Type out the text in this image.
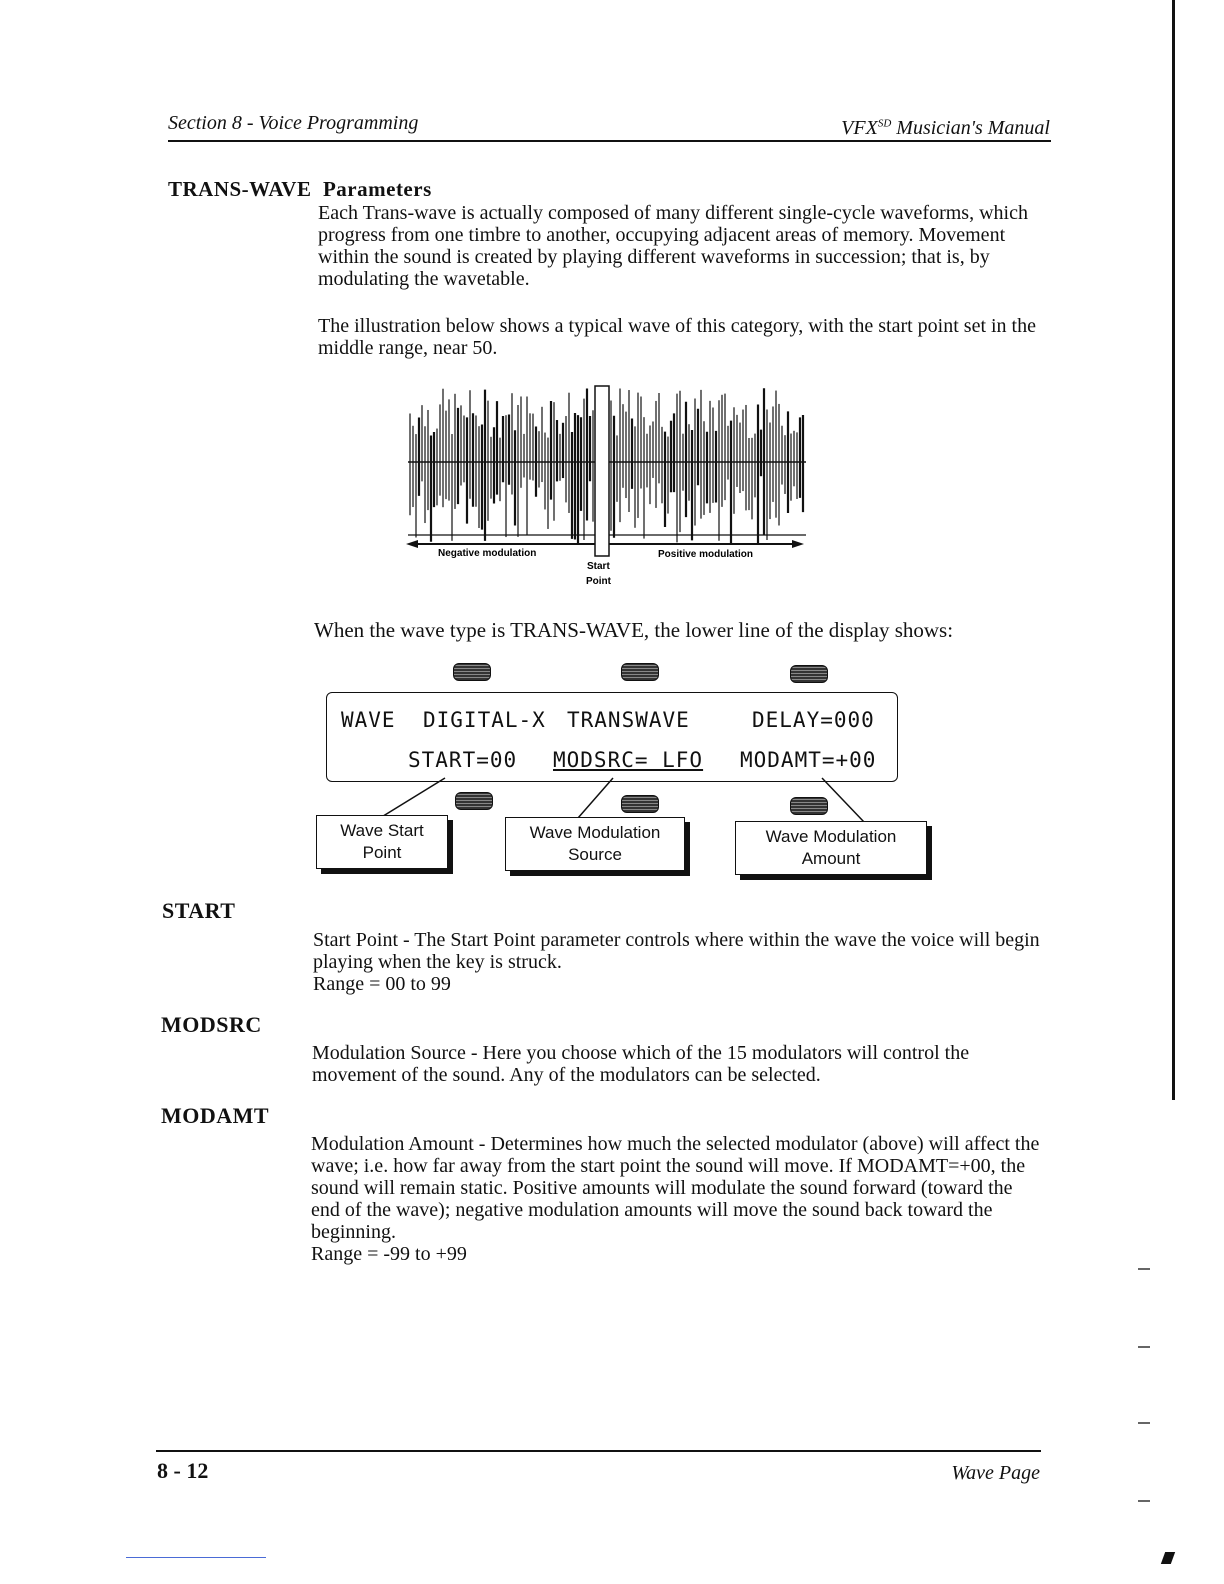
Section 8 - Voice Programming	$VFX^{SD}$ Musician's Manual
TRANS-WAVE  Parameters

Each Trans-wave is actually composed of many different single-cycle waveforms, which progress from one timbre to another, occupying adjacent areas of memory. Movement within the sound is created by playing different waveforms in succession; that is, by modulating the wavetable.

The illustration below shows a typical wave of this category, with the start point set in the middle range, near 50.

Negative modulation	Positive modulation
Start
Point
When the wave type is TRANS-WAVE, the lower line of the display shows:
WAVE DIGITAL-X TRANSWAVE	DELAY=000
START=00 MODSRC= LFO MODAMT=+00
Wave Start
Point
Wave Modulation
Source
Wave Modulation
Amount
START

Start Point - The Start Point parameter controls where within the wave the voice will begin playing when the key is struck.

Range = 00 to 99

MODSRC

Modulation Source - Here you choose which of the 15 modulators will control the movement of the sound. Any of the modulators can be selected.

MODAMT

Modulation Amount - Determines how much the selected modulator (above) will affect the wave; i.e. how far away from the start point the sound will move. If MODAMT=+00, the sound will remain static. Positive amounts will modulate the sound forward (toward the end of the wave); negative modulation amounts will move the sound back toward the beginning.

Range = -99 to +99

8 - 12	Wave Page
